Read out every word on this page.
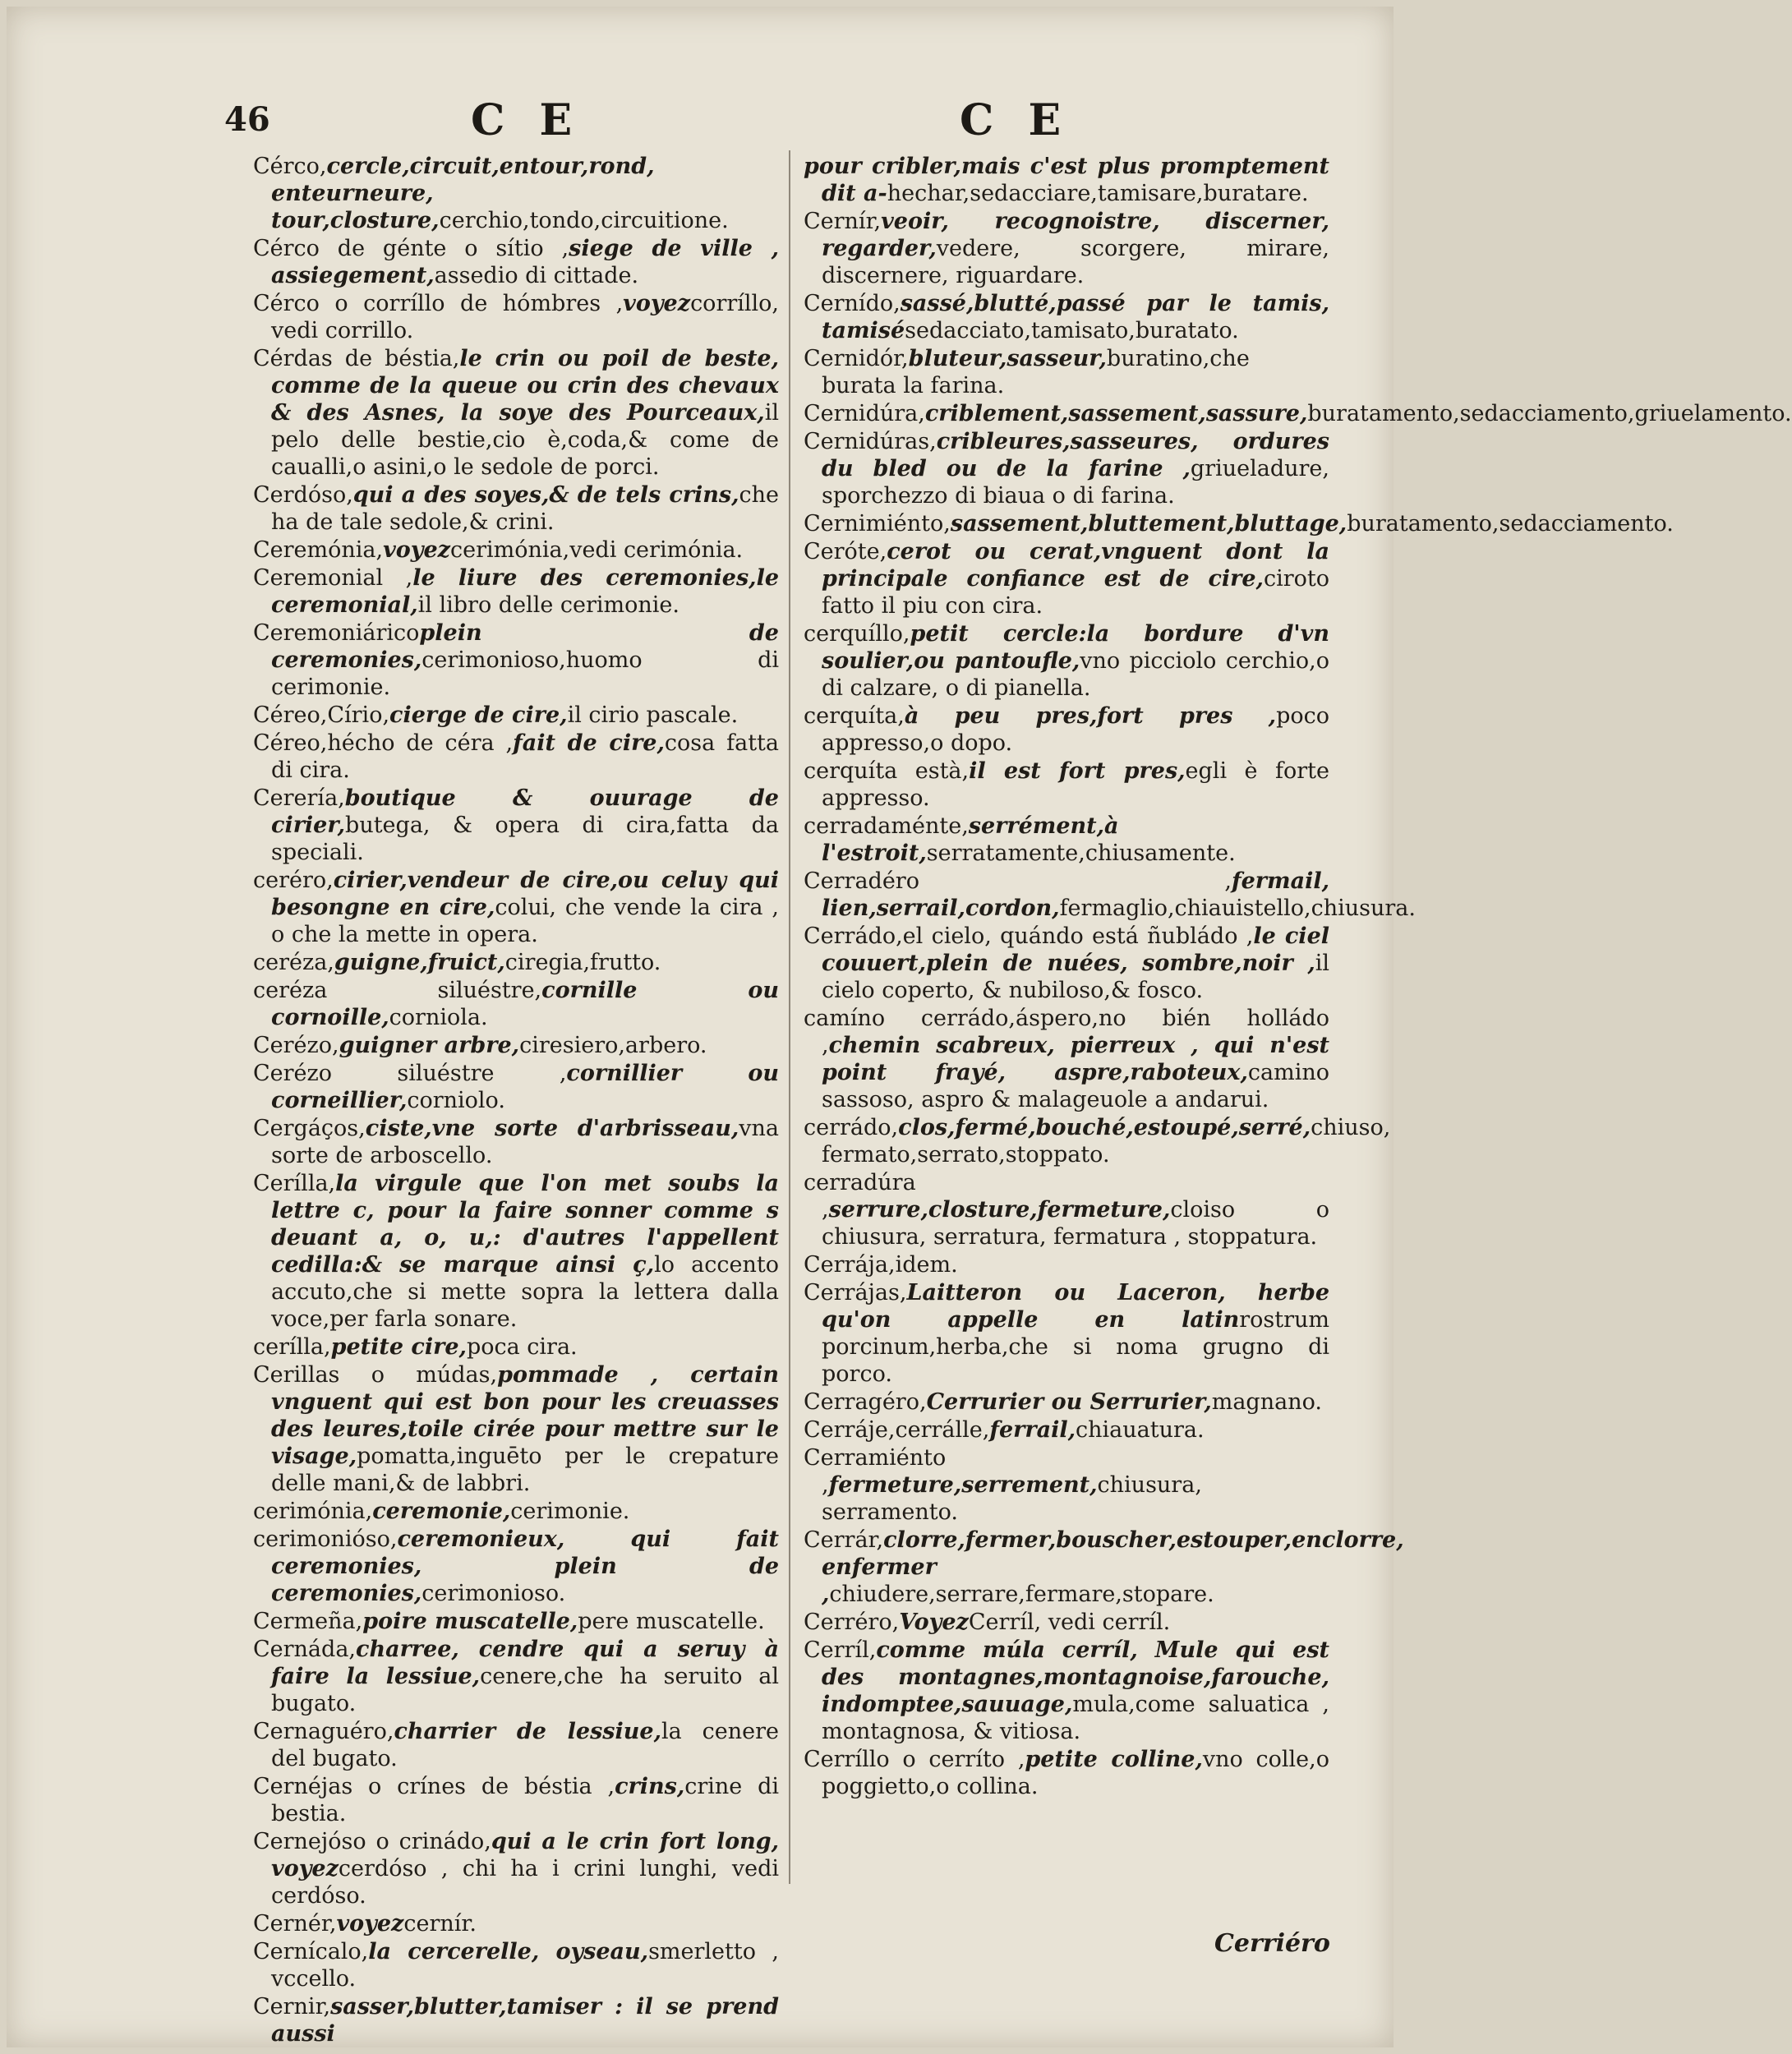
46	C E	C E
Cérco,cercle,circuit,entour,rond, enteurneure, tour,closture,cerchio,tondo,circuitione.
Cérco de génte o sítio ,siege de ville , assiegement,assedio di cittade.
Cérco o corríllo de hómbres ,voyezcorríllo, vedi corrillo.
Cérdas de béstia,le crin ou poil de beste, comme de la queue ou crin des chevaux & des Asnes, la soye des Pourceaux,il pelo delle bestie,cio è,coda,& come de caualli,o asini,o le sedole de porci.
Cerdóso,qui a des soyes,& de tels crins,che ha de tale sedole,& crini.
Ceremónia,voyezcerimónia,vedi cerimónia.
Ceremonial ,le liure des ceremonies,le ceremonial,il libro delle cerimonie.
Ceremoniáricoplein de ceremonies,cerimonioso,huomo di cerimonie.
Céreo,Círio,cierge de cire,il cirio pascale.
Céreo,hécho de céra ,fait de cire,cosa fatta di cira.
Cerería,boutique & ouurage de cirier,butega, & opera di cira,fatta da speciali.
ceréro,cirier,vendeur de cire,ou celuy qui besongne en cire,colui, che vende la cira , o che la mette in opera.
ceréza,guigne,fruict,ciregia,frutto.
ceréza siluéstre,cornille ou cornoille,corniola.
Cerézo,guigner arbre,ciresiero,arbero.
Cerézo siluéstre ,cornillier ou corneillier,corniolo.
Cergáços,ciste,vne sorte d'arbrisseau,vna sorte de arboscello.
Cerílla,la virgule que l'on met soubs la lettre c, pour la faire sonner comme s deuant a, o, u,: d'autres l'appellent cedilla:& se marque ainsi ç,lo accento accuto,che si mette sopra la lettera dalla voce,per farla sonare.
cerílla,petite cire,poca cira.
Cerillas o múdas,pommade , certain vnguent qui est bon pour les creuasses des leures,toile cirée pour mettre sur le visage,pomatta,inguēto per le crepature delle mani,& de labbri.
cerimónia,ceremonie,cerimonie.
cerimonióso,ceremonieux, qui fait ceremonies, plein de ceremonies,cerimonioso.
Cermeña,poire muscatelle,pere muscatelle.
Cernáda,charree, cendre qui a seruy à faire la lessiue,cenere,che ha seruito al bugato.
Cernaguéro,charrier de lessiue,la cenere del bugato.
Cernéjas o crínes de béstia ,crins,crine di bestia.
Cernejóso o crinádo,qui a le crin fort long, voyezcerdóso , chi ha i crini lunghi, vedi cerdóso.
Cernér,voyezcernír.
Cernícalo,la cercerelle, oyseau,smerletto , vccello.
Cernir,sasser,blutter,tamiser : il se prend aussi
pour cribler,mais c'est plus promptement dit a-hechar,sedacciare,tamisare,buratare.
Cernír,veoir, recognoistre, discerner, regarder,vedere, scorgere, mirare, discernere, riguardare.
Cernído,sassé,blutté,passé par le tamis, tamisésedacciato,tamisato,buratato.
Cernidór,bluteur,sasseur,buratino,che burata la farina.
Cernidúra,criblement,sassement,sassure,buratamento,sedacciamento,griuelamento.
Cernidúras,cribleures,sasseures, ordures du bled ou de la farine ,griueladure, sporchezzo di biaua o di farina.
Cernimiénto,sassement,bluttement,bluttage,buratamento,sedacciamento.
Ceróte,cerot ou cerat,vnguent dont la principale confiance est de cire,ciroto fatto il piu con cira.
cerquíllo,petit cercle:la bordure d'vn soulier,ou pantoufle,vno picciolo cerchio,o di calzare, o di pianella.
cerquíta,à peu pres,fort pres ,poco appresso,o dopo.
cerquíta està,il est fort pres,egli è forte appresso.
cerradaménte,serrément,à l'estroit,serratamente,chiusamente.
Cerradéro ,fermail, lien,serrail,cordon,fermaglio,chiauistello,chiusura.
Cerrádo,el cielo, quándo está ñubládo ,le ciel couuert,plein de nuées, sombre,noir ,il cielo coperto, & nubiloso,& fosco.
camíno cerrádo,áspero,no bién holládo ,chemin scabreux, pierreux , qui n'est point frayé, aspre,raboteux,camino sassoso, aspro & malageuole a andarui.
cerrádo,clos,fermé,bouché,estoupé,serré,chiuso, fermato,serrato,stoppato.
cerradúra ,serrure,closture,fermeture,cloiso o chiusura, serratura, fermatura , stoppatura.
Cerrája,idem.
Cerrájas,Laitteron ou Laceron, herbe qu'on appelle en latinrostrum porcinum,herba,che si noma grugno di porco.
Cerragéro,Cerrurier ou Serrurier,magnano.
Cerráje,cerrálle,ferrail,chiauatura.
Cerramiénto ,fermeture,serrement,chiusura, serramento.
Cerrár,clorre,fermer,bouscher,estouper,enclorre, enfermer ,chiudere,serrare,fermare,stopare.
Cerréro,VoyezCerríl, vedi cerríl.
Cerríl,comme múla cerríl, Mule qui est des montagnes,montagnoise,farouche, indomptee,sauuage,mula,come saluatica , montagnosa, & vitiosa.
Cerríllo o cerríto ,petite colline,vno colle,o poggietto,o collina.
Cerriéro
